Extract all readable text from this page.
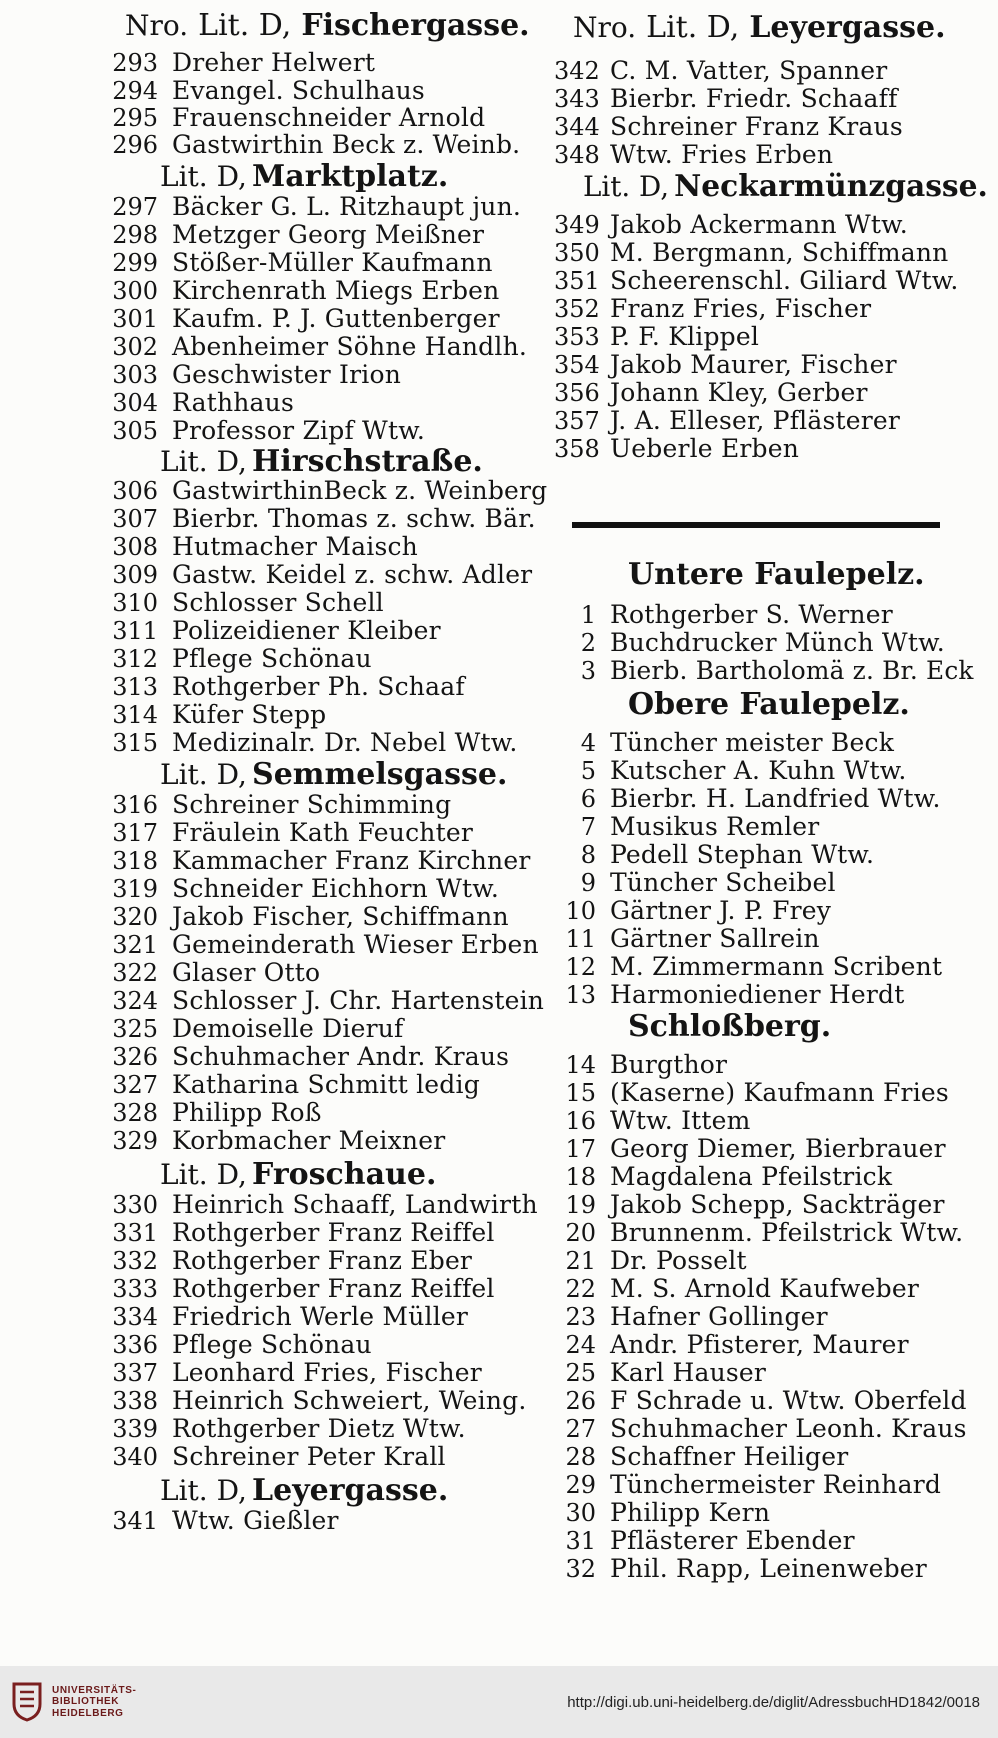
Nro. Lit. D, Fischergasse.
293 Dreher Helwert
294 Evangel. Schulhaus
295 Frauenschneider Arnold
296 Gastwirthin Beck z. Weinb.
Lit. D, Marktplatz.
297 Bäcker G. L. Ritzhaupt jun.
298 Metzger Georg Meißner
299 Stößer-Müller Kaufmann
300 Kirchenrath Miegs Erben
301 Kaufm. P. J. Guttenberger
302 Abenheimer Söhne Handlh.
303 Geschwister Irion
304 Rathhaus
305 Professor Zipf Wtw.
Lit. D, Hirschstraße.
306 GastwirthinBeck z. Weinberg
307 Bierbr. Thomas z. schw. Bär.
308 Hutmacher Maisch
309 Gastw. Keidel z. schw. Adler
310 Schlosser Schell
311 Polizeidiener Kleiber
312 Pflege Schönau
313 Rothgerber Ph. Schaaf
314 Küfer Stepp
315 Medizinalr. Dr. Nebel Wtw.
Lit. D, Semmelsgasse.
316 Schreiner Schimming
317 Fräulein Kath Feuchter
318 Kammacher Franz Kirchner
319 Schneider Eichhorn Wtw.
320 Jakob Fischer, Schiffmann
321 Gemeinderath Wieser Erben
322 Glaser Otto
324 Schlosser J. Chr. Hartenstein
325 Demoiselle Dieruf
326 Schuhmacher Andr. Kraus
327 Katharina Schmitt ledig
328 Philipp Roß
329 Korbmacher Meixner
Lit. D, Froschaue.
330 Heinrich Schaaff, Landwirth
331 Rothgerber Franz Reiffel
332 Rothgerber Franz Eber
333 Rothgerber Franz Reiffel
334 Friedrich Werle Müller
336 Pflege Schönau
337 Leonhard Fries, Fischer
338 Heinrich Schweiert, Weing.
339 Rothgerber Dietz Wtw.
340 Schreiner Peter Krall
Lit. D, Leyergasse.
341 Wtw. Gießler
Nro. Lit. D, Leyergasse.
342 C. M. Vatter, Spanner
343 Bierbr. Friedr. Schaaff
344 Schreiner Franz Kraus
348 Wtw. Fries Erben
Lit. D, Neckarmünzgasse.
349 Jakob Ackermann Wtw.
350 M. Bergmann, Schiffmann
351 Scheerenschl. Giliard Wtw.
352 Franz Fries, Fischer
353 P. F. Klippel
354 Jakob Maurer, Fischer
356 Johann Kley, Gerber
357 J. A. Elleser, Pflästerer
358 Ueberle Erben
Untere Faulepelz.
1 Rothgerber S. Werner
2 Buchdrucker Münch Wtw.
3 Bierb. Bartholomä z. Br. Eck
Obere Faulepelz.
4 Tüncher meister Beck
5 Kutscher A. Kuhn Wtw.
6 Bierbr. H. Landfried Wtw.
7 Musikus Remler
8 Pedell Stephan Wtw.
9 Tüncher Scheibel
10 Gärtner J. P. Frey
11 Gärtner Sallrein
12 M. Zimmermann Scribent
13 Harmoniediener Herdt
Schloßberg.
14 Burgthor
15 (Kaserne) Kaufmann Fries
16 Wtw. Ittem
17 Georg Diemer, Bierbrauer
18 Magdalena Pfeilstrick
19 Jakob Schepp, Sackträger
20 Brunnenm. Pfeilstrick Wtw.
21 Dr. Posselt
22 M. S. Arnold Kaufweber
23 Hafner Gollinger
24 Andr. Pfisterer, Maurer
25 Karl Hauser
26 F Schrade u. Wtw. Oberfeld
27 Schuhmacher Leonh. Kraus
28 Schaffner Heiliger
29 Tünchermeister Reinhard
30 Philipp Kern
31 Pflästerer Ebender
32 Phil. Rapp, Leinenweber
UNIVERSITÄTS-
BIBLIOTHEK
HEIDELBERG
http://digi.ub.uni-heidelberg.de/diglit/AdressbuchHD1842/0018
